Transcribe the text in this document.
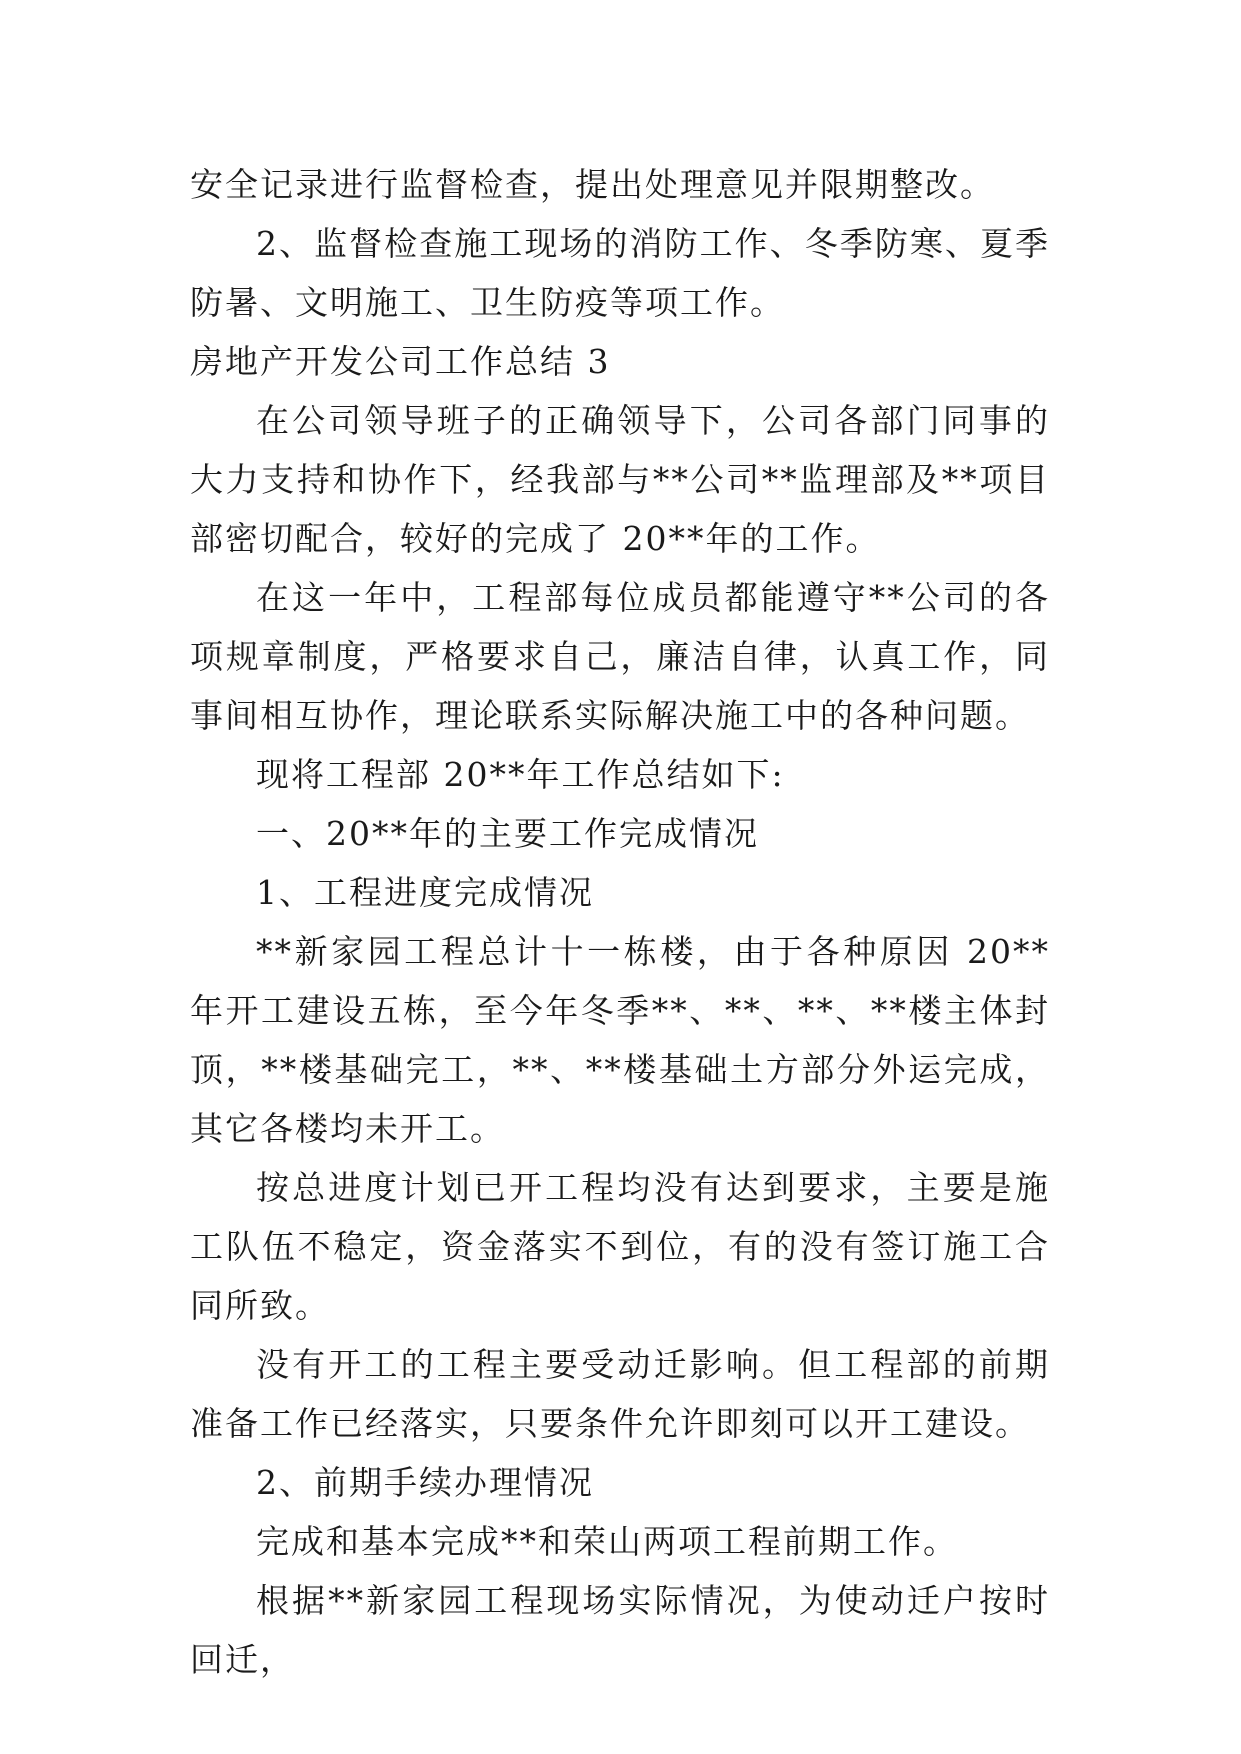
安全记录进行监督检查，提出处理意见并限期整改。

2、监督检查施工现场的消防工作、冬季防寒、夏季防暑、文明施工、卫生防疫等项工作。

房地产开发公司工作总结 3

在公司领导班子的正确领导下，公司各部门同事的大力支持和协作下，经我部与**公司**监理部及**项目部密切配合，较好的完成了 20**年的工作。

在这一年中，工程部每位成员都能遵守**公司的各项规章制度，严格要求自己，廉洁自律，认真工作，同事间相互协作，理论联系实际解决施工中的各种问题。

现将工程部 20**年工作总结如下:

一、20**年的主要工作完成情况

1、工程进度完成情况

**新家园工程总计十一栋楼，由于各种原因 20**年开工建设五栋，至今年冬季**、**、**、**楼主体封顶，**楼基础完工，**、**楼基础土方部分外运完成，其它各楼均未开工。

按总进度计划已开工程均没有达到要求，主要是施工队伍不稳定，资金落实不到位，有的没有签订施工合同所致。

没有开工的工程主要受动迁影响。但工程部的前期准备工作已经落实，只要条件允许即刻可以开工建设。

2、前期手续办理情况

完成和基本完成**和荣山两项工程前期工作。

根据**新家园工程现场实际情况，为使动迁户按时回迁，
